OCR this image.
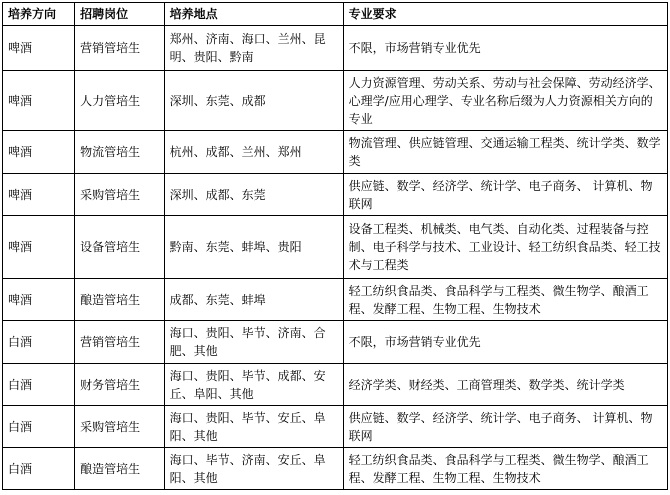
培养方向	招聘岗位	培养地点	专业要求
啤酒	营销管培生	郑州、济南、海口、兰州、昆明、贵阳、黔南	不限，市场营销专业优先
啤酒	人力管培生	深圳、东莞、成都	人力资源管理、劳动关系、劳动与社会保障、劳动经济学、心理学/应用心理学、专业名称后缀为人力资源相关方向的专业
啤酒	物流管培生	杭州、成都、兰州、郑州	物流管理、供应链管理、交通运输工程类、统计学类、数学类
啤酒	采购管培生	深圳、成都、东莞	供应链、数学、经济学、统计学、电子商务、 计算机、物联网
啤酒	设备管培生	黔南、东莞、蚌埠、贵阳	设备工程类、机械类、电气类、自动化类、过程装备与控制、电子科学与技术、工业设计、轻工纺织食品类、轻工技术与工程类
啤酒	酿造管培生	成都、东莞、蚌埠	轻工纺织食品类、食品科学与工程类、微生物学、酿酒工程、发酵工程、生物工程、生物技术
白酒	营销管培生	海口、贵阳、毕节、济南、合肥、其他	不限，市场营销专业优先
白酒	财务管培生	海口、贵阳、毕节、成都、安丘、阜阳、其他	经济学类、财经类、工商管理类、数学类、统计学类
白酒	采购管培生	海口、贵阳、毕节、安丘、阜阳、其他	供应链、数学、经济学、统计学、电子商务、 计算机、物联网
白酒	酿造管培生	海口、毕节、济南、安丘、阜阳、其他	轻工纺织食品类、食品科学与工程类、微生物学、酿酒工程、发酵工程、生物工程、生物技术
